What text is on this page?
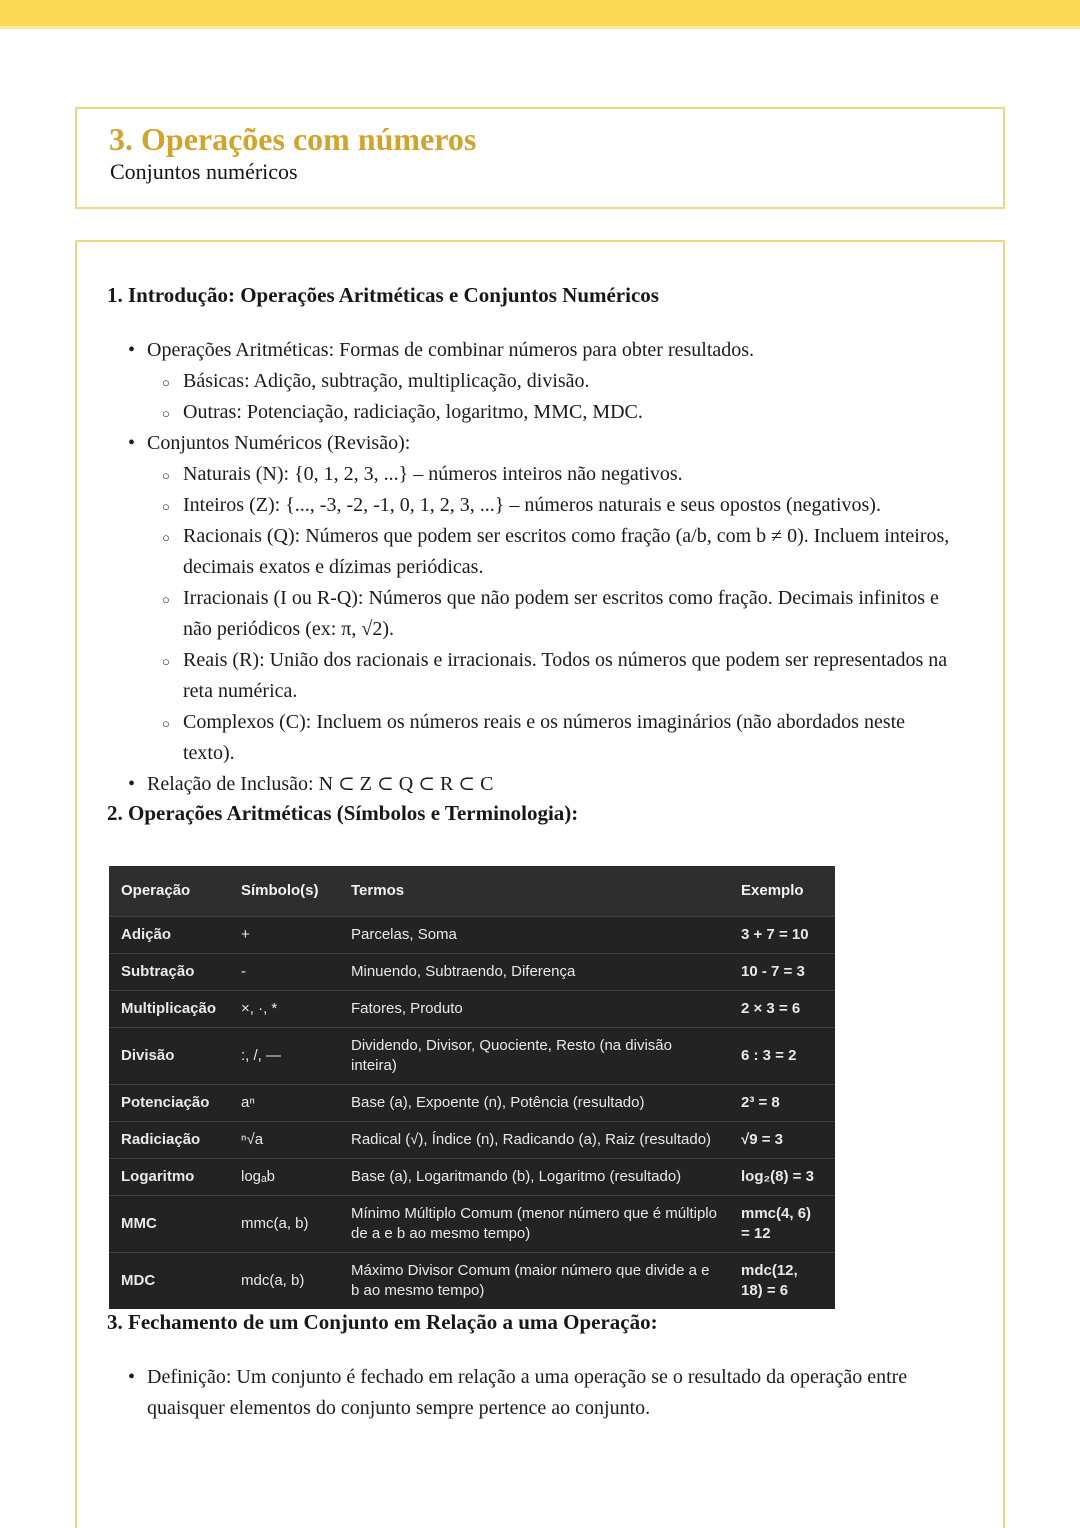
3. Operações com números
Conjuntos numéricos
1. Introdução: Operações Aritméticas e Conjuntos Numéricos
• Operações Aritméticas: Formas de combinar números para obter resultados.
○ Básicas: Adição, subtração, multiplicação, divisão.
○ Outras: Potenciação, radiciação, logaritmo, MMC, MDC.
• Conjuntos Numéricos (Revisão):
○ Naturais (N): {0, 1, 2, 3, ...} – números inteiros não negativos.
○ Inteiros (Z): {..., -3, -2, -1, 0, 1, 2, 3, ...} – números naturais e seus opostos (negativos).
○ Racionais (Q): Números que podem ser escritos como fração (a/b, com b ≠ 0). Incluem inteiros, decimais exatos e dízimas periódicas.
○ Irracionais (I ou R-Q): Números que não podem ser escritos como fração. Decimais infinitos e não periódicos (ex: π, √2).
○ Reais (R): União dos racionais e irracionais. Todos os números que podem ser representados na reta numérica.
○ Complexos (C): Incluem os números reais e os números imaginários (não abordados neste texto).
• Relação de Inclusão: N ⊂ Z ⊂ Q ⊂ R ⊂ C
2. Operações Aritméticas (Símbolos e Terminologia):
Operação	Símbolo(s)	Termos	Exemplo
Adição	+	Parcelas, Soma	3 + 7 = 10
Subtração	-	Minuendo, Subtraendo, Diferença	10 - 7 = 3
Multiplicação	×, ·, *	Fatores, Produto	2 × 3 = 6
Divisão	:, /, —	Dividendo, Divisor, Quociente, Resto (na divisão inteira)	6 : 3 = 2
Potenciação	aⁿ	Base (a), Expoente (n), Potência (resultado)	2³ = 8
Radiciação	ⁿ√a	Radical (√), Índice (n), Radicando (a), Raiz (resultado)	√9 = 3
Logaritmo	logₐb	Base (a), Logaritmando (b), Logaritmo (resultado)	log₂(8) = 3
MMC	mmc(a, b)	Mínimo Múltiplo Comum (menor número que é múltiplo de a e b ao mesmo tempo)	mmc(4, 6) = 12
MDC	mdc(a, b)	Máximo Divisor Comum (maior número que divide a e b ao mesmo tempo)	mdc(12, 18) = 6
3. Fechamento de um Conjunto em Relação a uma Operação:
• Definição: Um conjunto é fechado em relação a uma operação se o resultado da operação entre quaisquer elementos do conjunto sempre pertence ao conjunto.
